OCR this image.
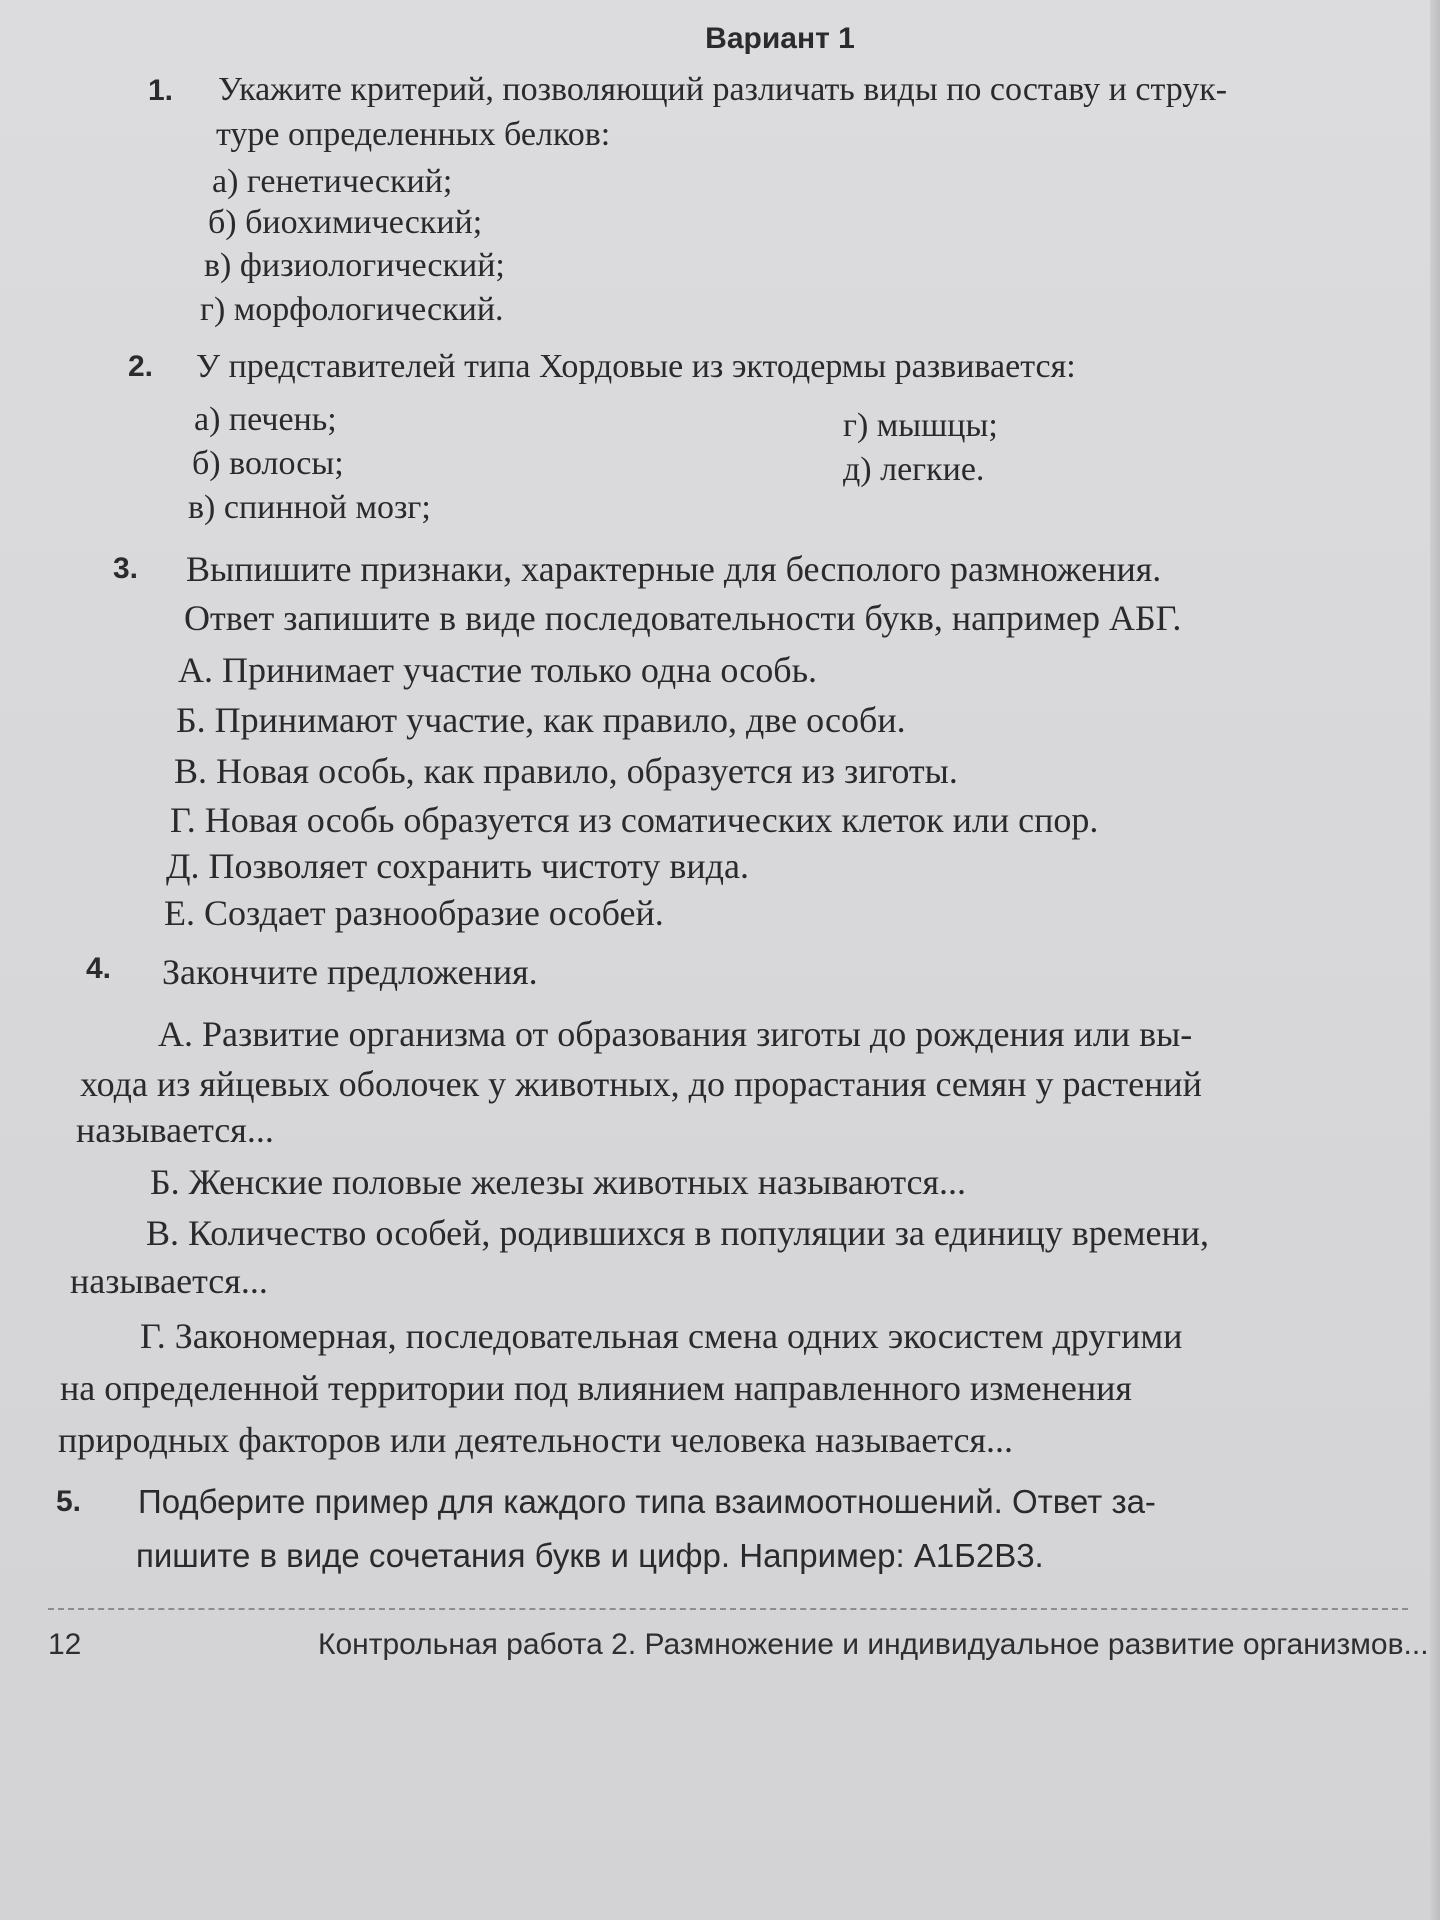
Вариант 1
1. Укажите критерий, позволяющий различать виды по составу и струк-
туре определенных белков:
а) генетический;
б) биохимический;
в) физиологический;
г) морфологический.
2. У представителей типа Хордовые из эктодермы развивается:
а) печень;
б) волосы;
в) спинной мозг;
г) мышцы;
д) легкие.
3. Выпишите признаки, характерные для бесполого размножения.
Ответ запишите в виде последовательности букв, например АБГ.
А. Принимает участие только одна особь.
Б. Принимают участие, как правило, две особи.
В. Новая особь, как правило, образуется из зиготы.
Г. Новая особь образуется из соматических клеток или спор.
Д. Позволяет сохранить чистоту вида.
Е. Создает разнообразие особей.
4. Закончите предложения.
А. Развитие организма от образования зиготы до рождения или вы-
хода из яйцевых оболочек у животных, до прорастания семян у растений
называется...
Б. Женские половые железы животных называются...
В. Количество особей, родившихся в популяции за единицу времени,
называется...
Г. Закономерная, последовательная смена одних экосистем другими
на определенной территории под влиянием направленного изменения
природных факторов или деятельности человека называется...
5. Подберите пример для каждого типа взаимоотношений. Ответ за-
пишите в виде сочетания букв и цифр. Например: А1Б2В3.
12	Контрольная работа 2. Размножение и индивидуальное развитие организмов...
